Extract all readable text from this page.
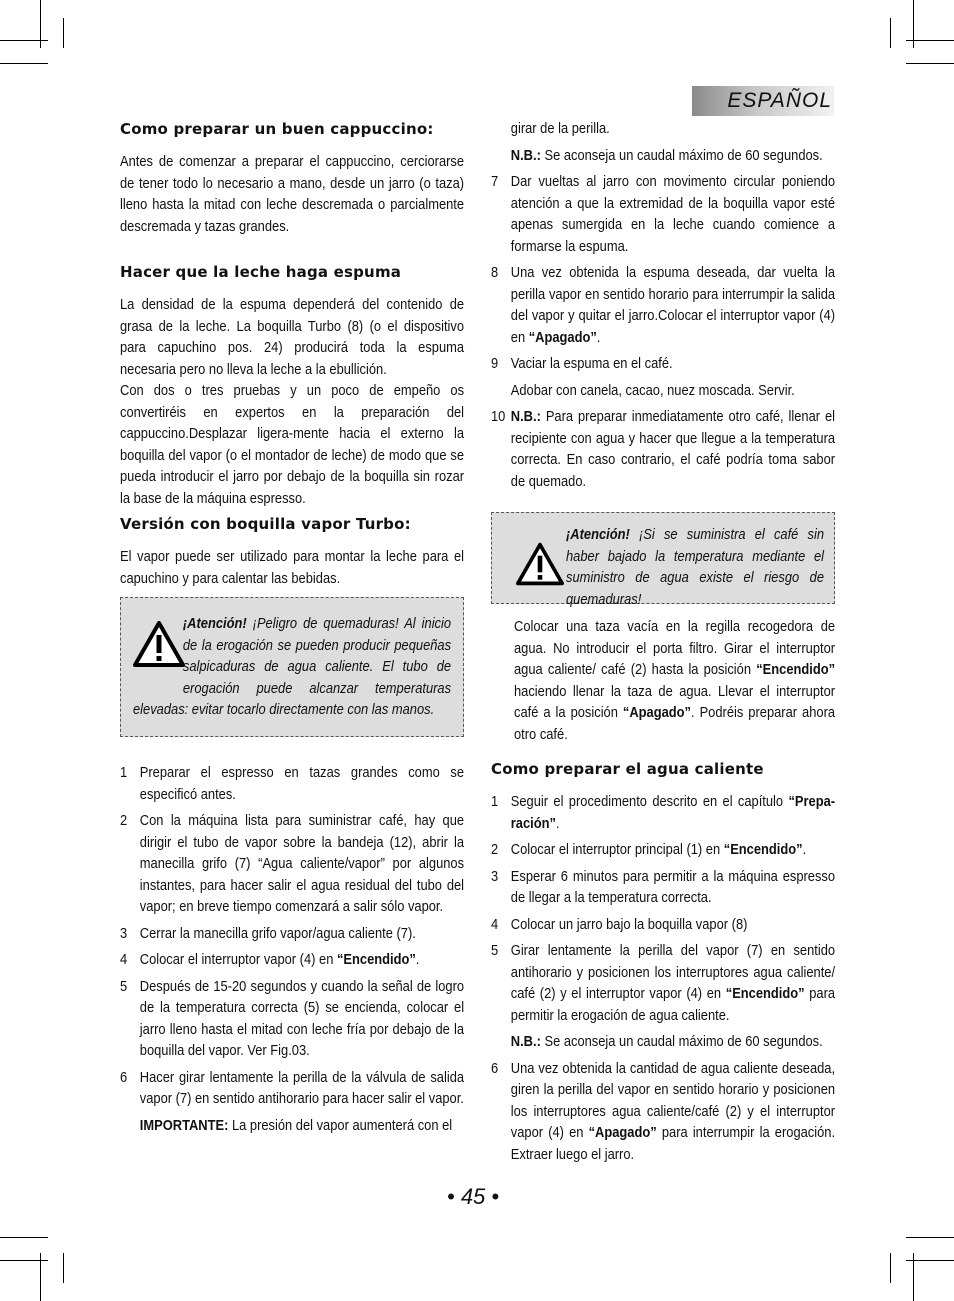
ESPAÑOL
Como preparar un buen cappuccino:

Antes de comenzar a preparar el cappuccino, cerciorarse de tener todo lo necesario a mano, desde un jarro (o taza) lleno hasta la mitad con leche descremada o parcialmente descremada y tazas grandes.

Hacer que la leche haga espuma

La densidad de la espuma dependerá del contenido de grasa de la leche. La boquilla Turbo (8) (o el dispositivo para capuchino pos. 24) producirá toda la espuma necesaria pero no lleva la leche a la ebullición.

Con dos o tres pruebas y un poco de empeño os convertiréis en expertos en la preparación del cappuccino.Desplazar ligera-mente hacia el externo la boquilla del vapor (o el montador de leche) de modo que se pueda introducir el jarro por debajo de la boquilla sin rozar la base de la máquina espresso.

Versión con boquilla vapor Turbo:

El vapor puede ser utilizado para montar la leche para el capuchino y para calentar las bebidas.

¡Atención! ¡Peligro de quemaduras! Al inicio de la erogación se pueden producir pequeñas salpicaduras de agua caliente. El tubo de erogación puede alcanzar temperaturas elevadas: evitar tocarlo directamente con las manos.
1 Preparar el espresso en tazas grandes como se especificó antes.
2 Con la máquina lista para suministrar café, hay que dirigir el tubo de vapor sobre la bandeja (12), abrir la manecilla grifo (7) “Agua caliente/vapor” por algunos instantes, para hacer salir el agua residual del tubo del vapor; en breve tiempo comenzará a salir sólo vapor.
3 Cerrar la manecilla grifo vapor/agua caliente (7).
4 Colocar el interruptor vapor (4) en “Encendido”.
5 Después de 15-20 segundos y cuando la señal de logro de la temperatura correcta (5) se encienda, colocar el jarro lleno hasta el mitad con leche fría por debajo de la boquilla del vapor. Ver Fig.03.
6 Hacer girar lentamente la perilla de la válvula de salida vapor (7) en sentido antihorario para hacer salir el vapor.
IMPORTANTE: La presión del vapor aumenterá con el
girar de la perilla.
N.B.: Se aconseja un caudal máximo de 60 segundos.
7 Dar vueltas al jarro con movimento circular poniendo atención a que la extremidad de la boquilla vapor esté apenas sumergida en la leche cuando comience a formarse la espuma.
8 Una vez obtenida la espuma deseada, dar vuelta la perilla vapor en sentido horario para interrumpir la salida del vapor y quitar el jarro.Colocar el interruptor vapor (4) en “Apagado”.
9 Vaciar la espuma en el café.
Adobar con canela, cacao, nuez moscada. Servir.
10 N.B.: Para preparar inmediatamente otro café, llenar el recipiente con agua y hacer que llegue a la temperatura correcta. En caso contrario, el café podría toma sabor de quemado.
¡Atención! ¡Si se suministra el café sin haber bajado la temperatura mediante el suministro de agua existe el riesgo de quemaduras!

Colocar una taza vacía en la regilla recogedora de agua. No introducir el porta filtro. Girar el interruptor agua caliente/ café (2) hasta la posición “Encendido” haciendo llenar la taza de agua. Llevar el interruptor café a la posición “Apagado”. Podréis preparar ahora otro café.

Como preparar el agua caliente
1 Seguir el procedimento descrito en el capítulo “Prepa-ración”.
2 Colocar el interruptor principal (1) en “Encendido”.
3 Esperar 6 minutos para permitir a la máquina espresso de llegar a la temperatura correcta.
4 Colocar un jarro bajo la boquilla vapor (8)
5 Girar lentamente la perilla del vapor (7) en sentido antihorario y posicionen los interruptores agua caliente/ café (2) y el interruptor vapor (4) en “Encendido” para permitir la erogación de agua caliente.
N.B.: Se aconseja un caudal máximo de 60 segundos.
6 Una vez obtenida la cantidad de agua caliente deseada, giren la perilla del vapor en sentido horario y posicionen los interruptores agua caliente/café (2) y el interruptor vapor (4) en “Apagado” para interrumpir la erogación. Extraer luego el jarro.
• 45 •
